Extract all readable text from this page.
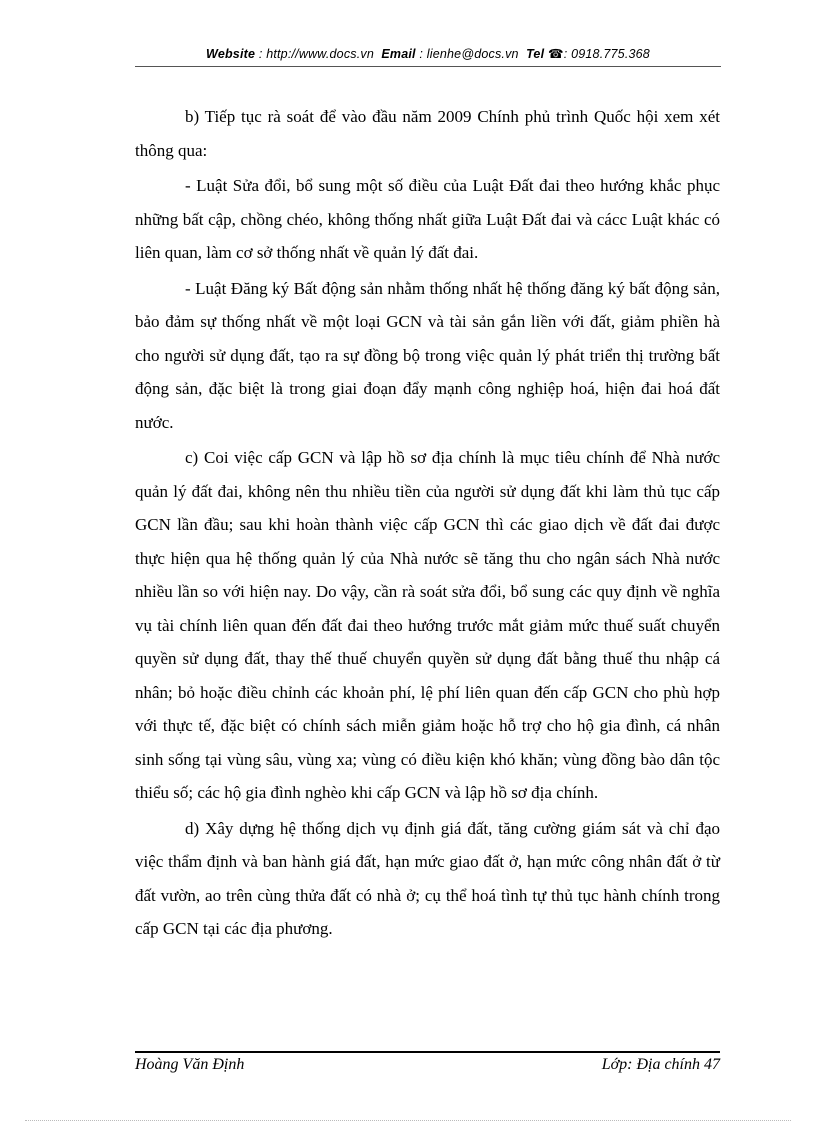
Website : http://www.docs.vn Email : lienhe@docs.vn Tel ☎: 0918.775.368

b) Tiếp tục rà soát để vào đầu năm 2009 Chính phủ trình Quốc hội xem xét thông qua:

- Luật Sửa đổi, bổ sung một số điều của Luật Đất đai theo hướng khắc phục những bất cập, chồng chéo, không thống nhất giữa Luật Đất đai và cácc Luật khác có liên quan, làm cơ sở thống nhất về quản lý đất đai.

- Luật Đăng ký Bất động sản nhằm thống nhất hệ thống đăng ký bất động sản, bảo đảm sự thống nhất về một loại GCN và tài sản gắn liền với đất, giảm phiền hà cho người sử dụng đất, tạo ra sự đồng bộ trong việc quản lý phát triển thị trường bất động sản, đặc biệt là trong giai đoạn đẩy mạnh công nghiệp hoá, hiện đai hoá đất nước.

c) Coi việc cấp GCN và lập hồ sơ địa chính là mục tiêu chính để Nhà nước quản lý đất đai, không nên thu nhiều tiền của người sử dụng đất khi làm thủ tục cấp GCN lần đầu; sau khi hoàn thành việc cấp GCN thì các giao dịch về đất đai được thực hiện qua hệ thống quản lý của Nhà nước sẽ tăng thu cho ngân sách Nhà nước nhiều lần so với hiện nay. Do vậy, cần rà soát sửa đổi, bổ sung các quy định về nghĩa vụ tài chính liên quan đến đất đai theo hướng trước mắt giảm mức thuế suất chuyển quyền sử dụng đất, thay thế thuế chuyển quyền sử dụng đất bằng thuế thu nhập cá nhân; bỏ hoặc điều chỉnh các khoản phí, lệ phí liên quan đến cấp GCN cho phù hợp với thực tế, đặc biệt có chính sách miễn giảm hoặc hỗ trợ cho hộ gia đình, cá nhân sinh sống tại vùng sâu, vùng xa; vùng có điều kiện khó khăn; vùng đồng bào dân tộc thiểu số; các hộ gia đình nghèo khi cấp GCN và lập hồ sơ địa chính.

d) Xây dựng hệ thống dịch vụ định giá đất, tăng cường giám sát và chỉ đạo việc thẩm định và ban hành giá đất, hạn mức giao đất ở, hạn mức công nhân đất ở từ đất vườn, ao trên cùng thửa đất có nhà ở; cụ thể hoá tình tự thủ tục hành chính trong cấp GCN tại các địa phương.

Hoàng Văn Định	Lớp: Địa chính 47
